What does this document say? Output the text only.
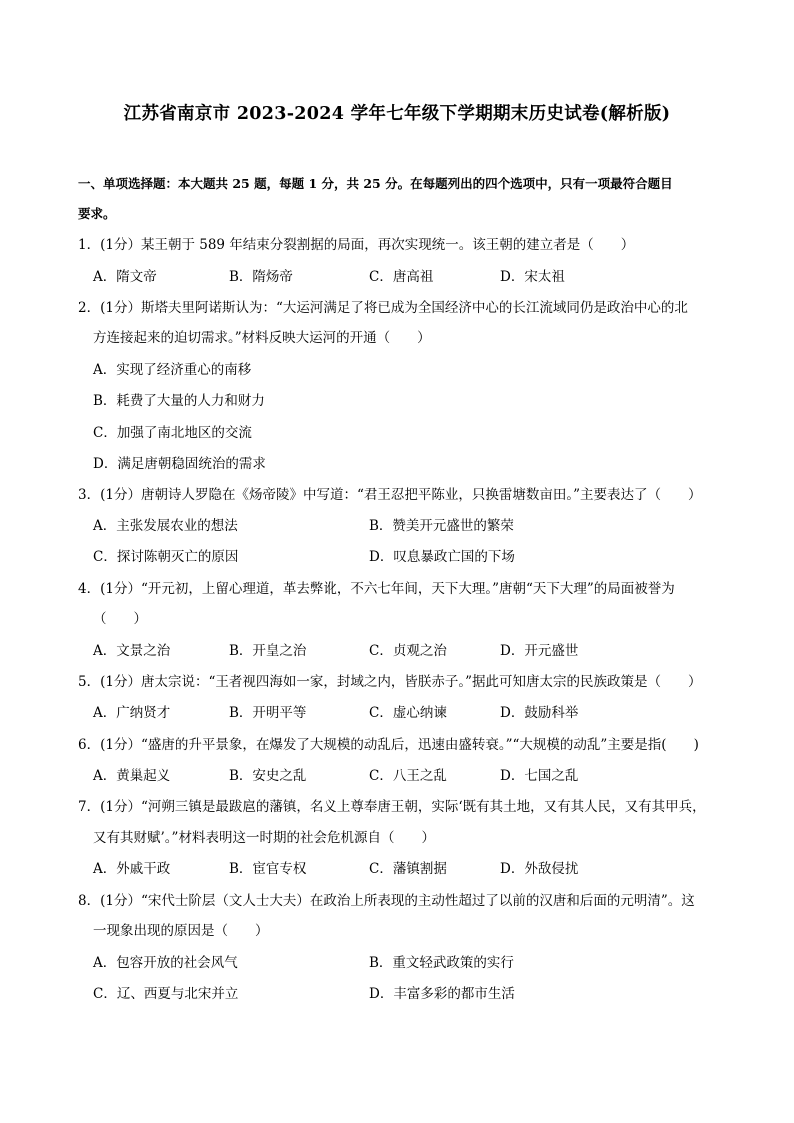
江苏省南京市 2023-2024 学年七年级下学期期末历史试卷(解析版)
一、单项选择题：本大题共 25 题，每题 1 分，共 25 分。在每题列出的四个选项中，只有一项最符合题目
要求。
1．(1分）某王朝于 589 年结束分裂割据的局面，再次实现统一。该王朝的建立者是（　　）
A．隋文帝	B．隋炀帝	C．唐高祖	D．宋太祖
2．(1分）斯塔夫里阿诺斯认为：“大运河满足了将已成为全国经济中心的长江流域同仍是政治中心的北
方连接起来的迫切需求。”材料反映大运河的开通（　　）
A．实现了经济重心的南移
B．耗费了大量的人力和财力
C．加强了南北地区的交流
D．满足唐朝稳固统治的需求
3．(1分）唐朝诗人罗隐在《炀帝陵》中写道：“君王忍把平陈业，只换雷塘数亩田。”主要表达了（　　）
A．主张发展农业的想法	B．赞美开元盛世的繁荣
C．探讨陈朝灭亡的原因	D．叹息暴政亡国的下场
4．(1分）“开元初，上留心理道，革去弊讹，不六七年间，天下大理。”唐朝“天下大理”的局面被誉为
（　　）
A．文景之治	B．开皇之治	C．贞观之治	D．开元盛世
5．(1分）唐太宗说：“王者视四海如一家，封域之内，皆朕赤子。”据此可知唐太宗的民族政策是（　　）
A．广纳贤才	B．开明平等	C．虚心纳谏	D．鼓励科举
6．(1分）“盛唐的升平景象，在爆发了大规模的动乱后，迅速由盛转衰。”“大规模的动乱”主要是指(　　)
A．黄巢起义	B．安史之乱	C．八王之乱	D．七国之乱
7．(1分）“河朔三镇是最跋扈的藩镇，名义上尊奉唐王朝，实际‘既有其土地，又有其人民，又有其甲兵，
又有其财赋’。”材料表明这一时期的社会危机源自（　　）
A．外戚干政	B．宦官专权	C．藩镇割据	D．外敌侵扰
8．(1分）“宋代士阶层（文人士大夫）在政治上所表现的主动性超过了以前的汉唐和后面的元明清”。这
一现象出现的原因是（　　）
A．包容开放的社会风气	B．重文轻武政策的实行
C．辽、西夏与北宋并立	D．丰富多彩的都市生活
